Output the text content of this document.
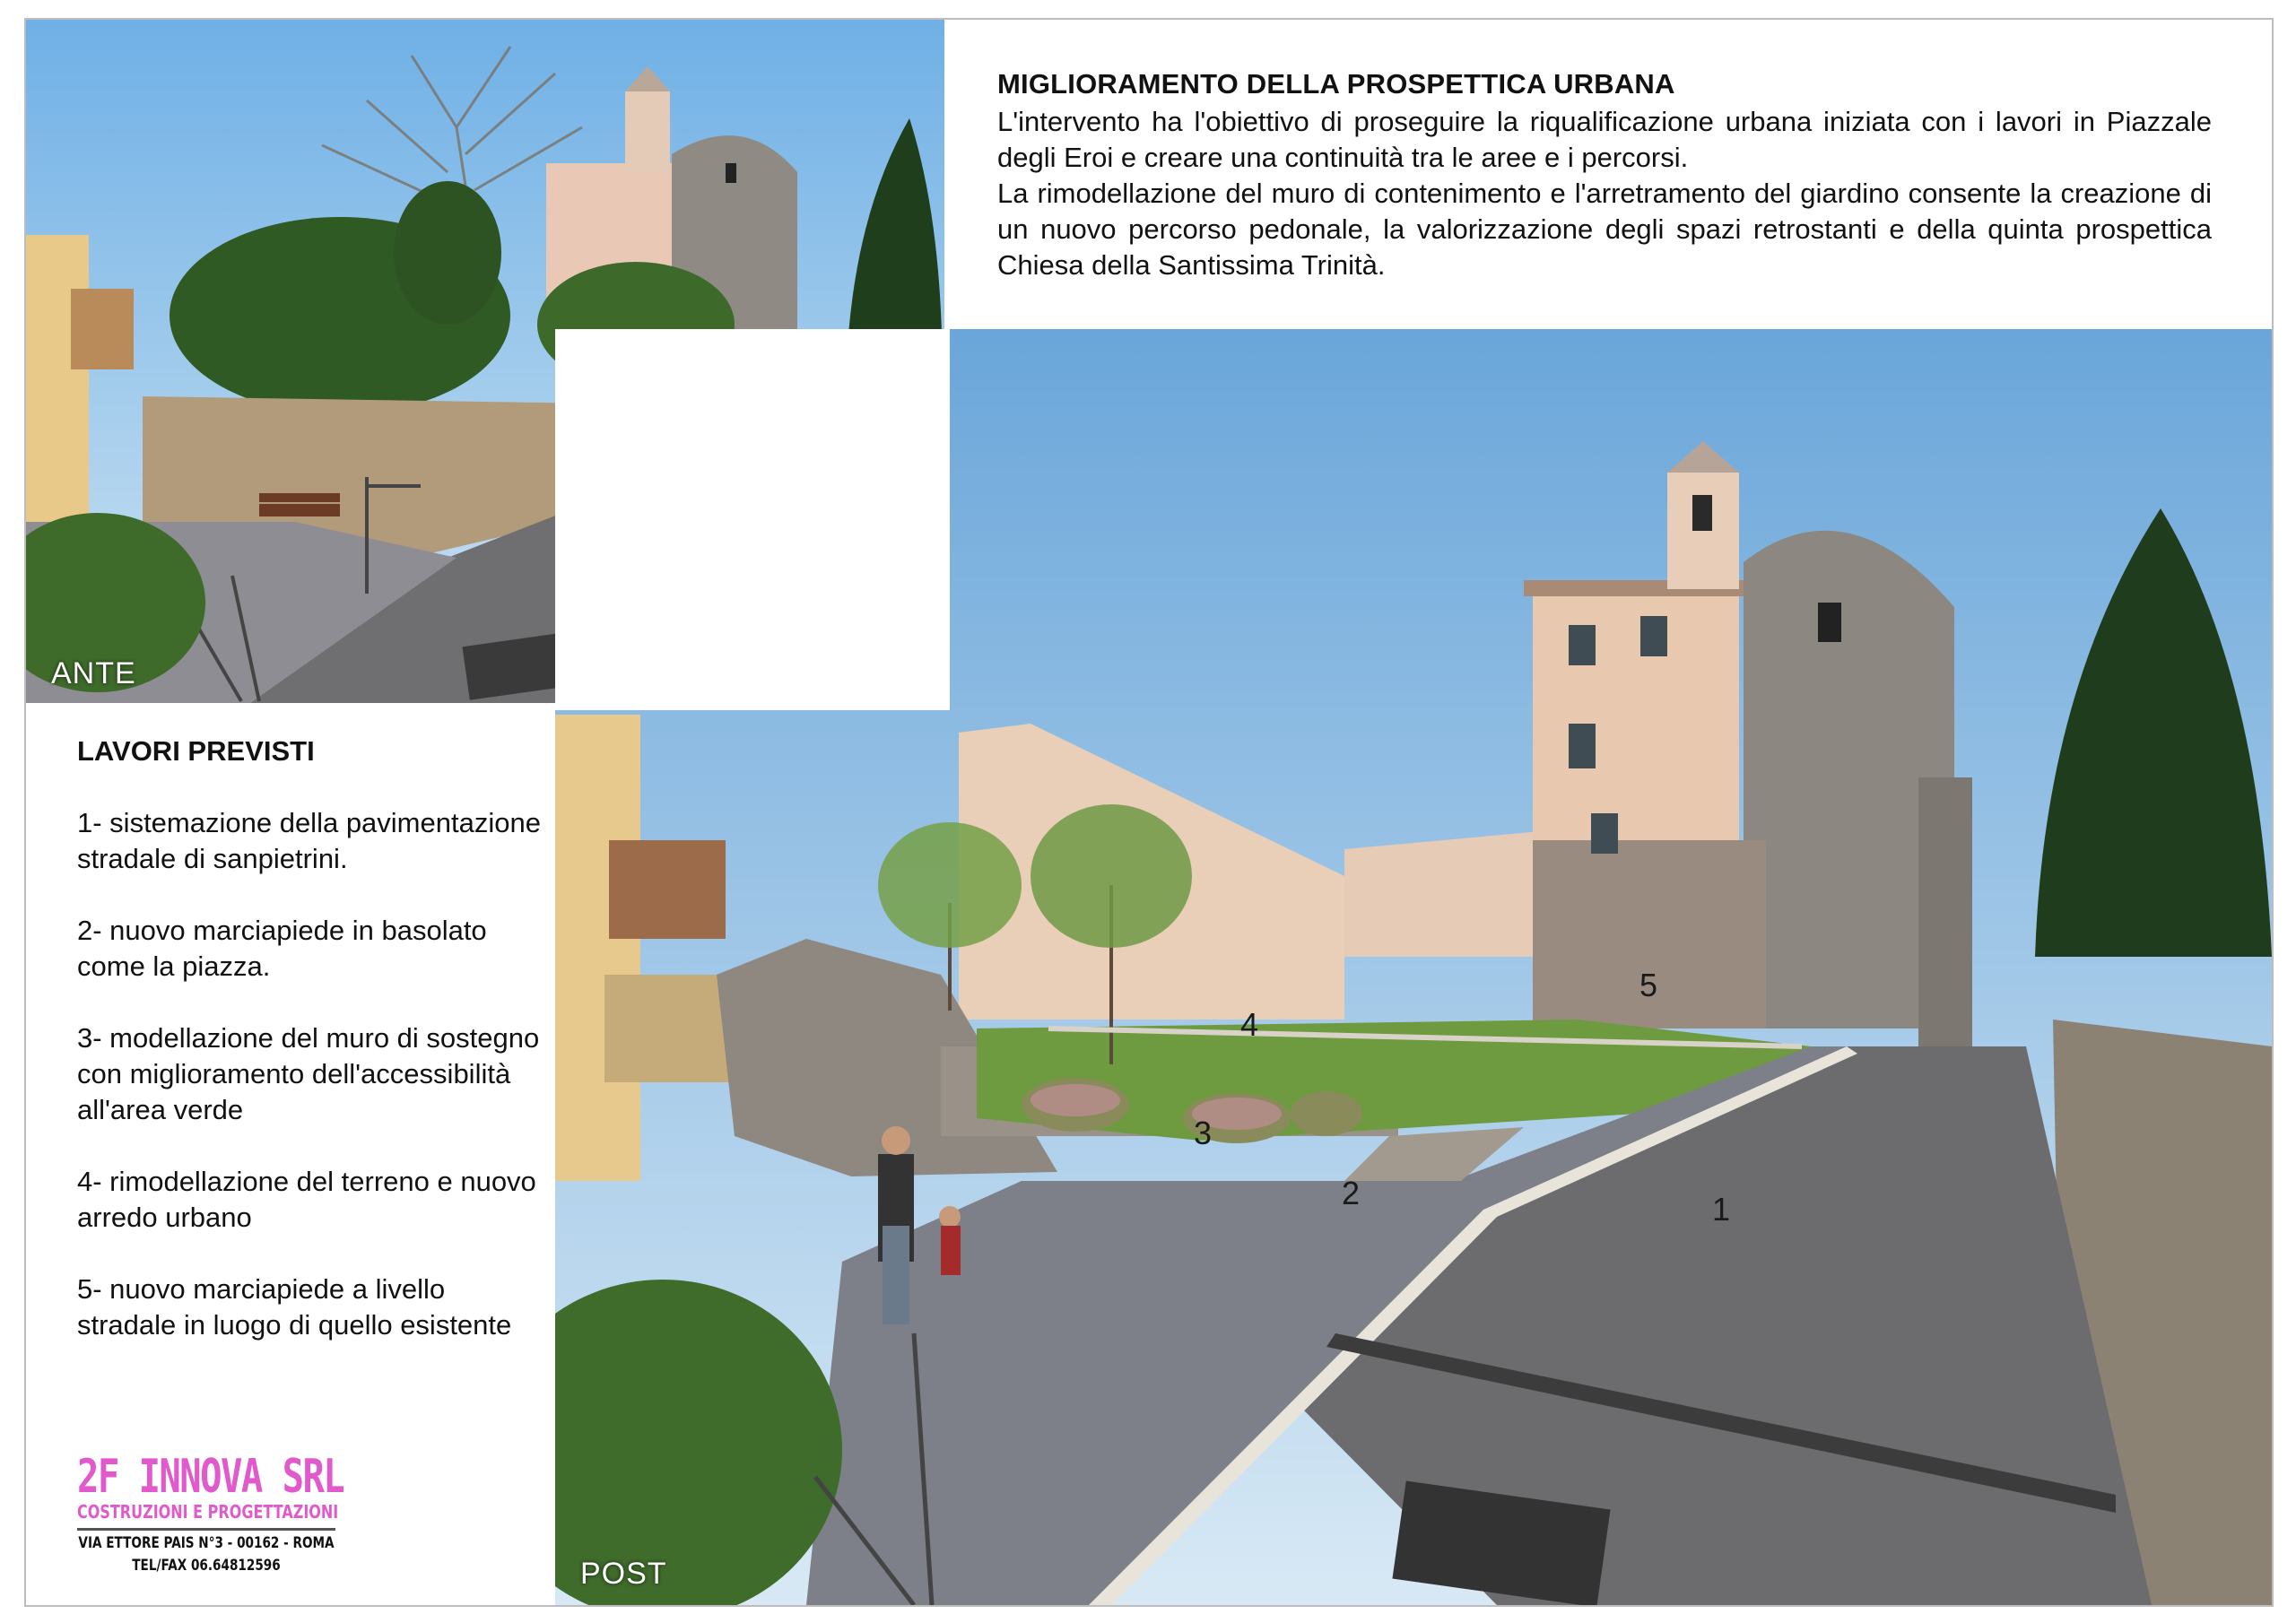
ANTE
MIGLIORAMENTO DELLA PROSPETTICA URBANA

L'intervento ha l'obiettivo di proseguire la riqualificazione urbana iniziata con i lavori in Piazzale degli Eroi e creare una continuità tra le aree e i percorsi.

La rimodellazione del muro di contenimento e l'arretramento del giardino consente la creazione di un nuovo percorso pedonale, la valorizzazione degli spazi retrostanti e della quinta prospettica Chiesa della Santissima Trinità.

1
2
3
4
5
POST
LAVORI PREVISTI
1- sistemazione della pavimentazione stradale di sanpietrini.
2- nuovo marciapiede in basolato come la piazza.
3- modellazione del muro di sostegno con miglioramento dell'accessibilità all'area verde
4- rimodellazione del terreno e nuovo arredo urbano
5- nuovo marciapiede a livello stradale in luogo di quello esistente
2F INNOVA SRL
COSTRUZIONI E PROGETTAZIONI
VIA ETTORE PAIS N°3 - 00162 - ROMA
TEL/FAX 06.64812596
